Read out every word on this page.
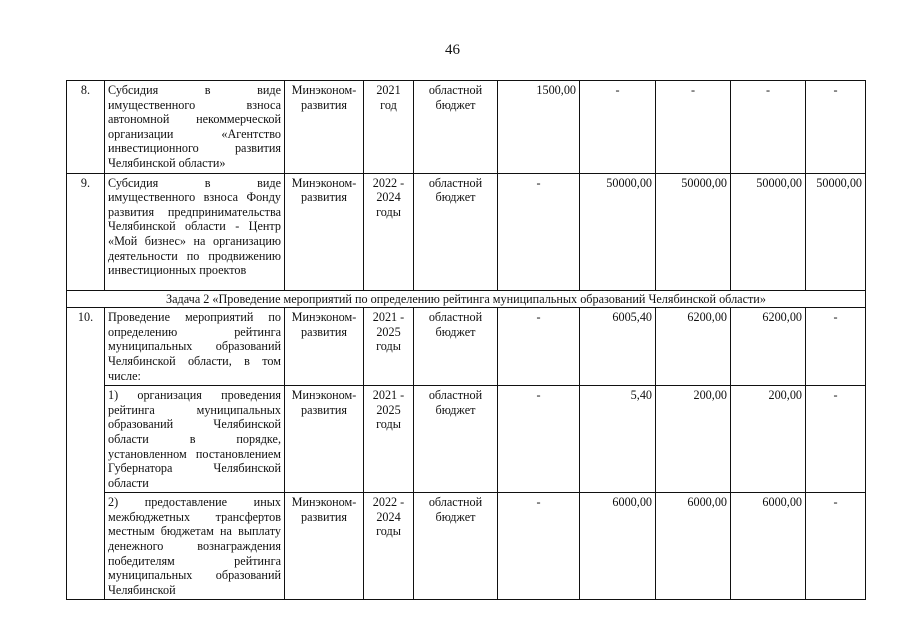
46
8.	Субсидия в виде имущественного взноса автономной некоммерческой организации «Агентство инвестиционного развития Челябинской области»	Минэконом-развития	2021 год	областной бюджет	1500,00	-	-	-	-
9.	Субсидия в виде имущественного взноса Фонду развития предпринимательства Челябинской области - Центр «Мой бизнес» на организацию деятельности по продвижению инвестиционных проектов	Минэконом-развития	2022 - 2024 годы	областной бюджет	-	50000,00	50000,00	50000,00	50000,00
Задача 2 «Проведение мероприятий по определению рейтинга муниципальных образований Челябинской области»									
10.	Проведение мероприятий по определению рейтинга муниципальных образований Челябинской области, в том числе:	Минэконом-развития	2021 - 2025 годы	областной бюджет	-	6005,40	6200,00	6200,00	-
	1) организация проведения рейтинга муниципальных образований Челябинской области в порядке, установленном постановлением Губернатора Челябинской области	Минэконом-развития	2021 - 2025 годы	областной бюджет	-	5,40	200,00	200,00	-
	2) предоставление иных межбюджетных трансфертов местным бюджетам на выплату денежного вознаграждения победителям рейтинга муниципальных образований Челябинской	Минэконом-развития	2022 - 2024 годы	областной бюджет	-	6000,00	6000,00	6000,00	-
